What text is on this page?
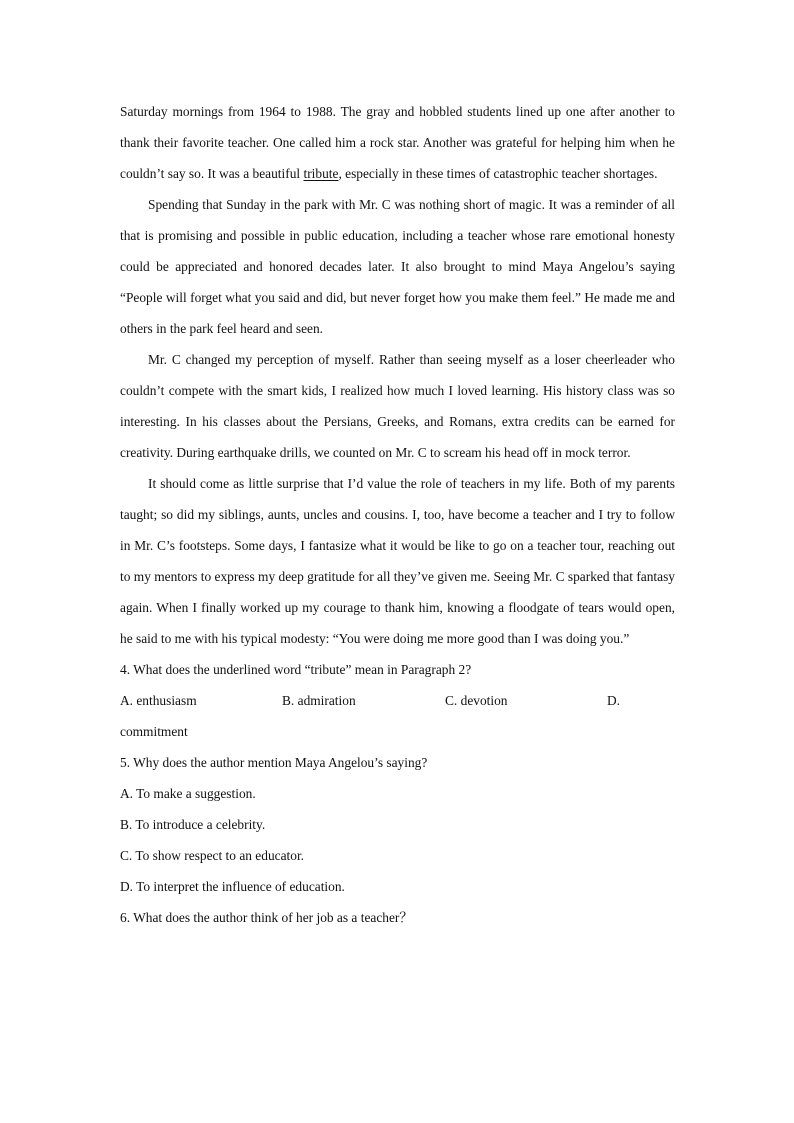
Saturday mornings from 1964 to 1988. The gray and hobbled students lined up one after another to thank their favorite teacher. One called him a rock star. Another was grateful for helping him when he couldn’t say so. It was a beautiful tribute, especially in these times of catastrophic teacher shortages.

Spending that Sunday in the park with Mr. C was nothing short of magic. It was a reminder of all that is promising and possible in public education, including a teacher whose rare emotional honesty could be appreciated and honored decades later. It also brought to mind Maya Angelou’s saying “People will forget what you said and did, but never forget how you make them feel.” He made me and others in the park feel heard and seen.

Mr. C changed my perception of myself. Rather than seeing myself as a loser cheerleader who couldn’t compete with the smart kids, I realized how much I loved learning. His history class was so interesting. In his classes about the Persians, Greeks, and Romans, extra credits can be earned for creativity. During earthquake drills, we counted on Mr. C to scream his head off in mock terror.

It should come as little surprise that I’d value the role of teachers in my life. Both of my parents taught; so did my siblings, aunts, uncles and cousins. I, too, have become a teacher and I try to follow in Mr. C’s footsteps. Some days, I fantasize what it would be like to go on a teacher tour, reaching out to my mentors to express my deep gratitude for all they’ve given me. Seeing Mr. C sparked that fantasy again. When I finally worked up my courage to thank him, knowing a floodgate of tears would open, he said to me with his typical modesty: “You were doing me more good than I was doing you.”

4. What does the underlined word “tribute” mean in Paragraph 2?

A. enthusiasm	B. admiration	C. devotion	D.

commitment

5. Why does the author mention Maya Angelou’s saying?

A. To make a suggestion.

B. To introduce a celebrity.

C. To show respect to an educator.

D. To interpret the influence of education.

6. What does the author think of her job as a teacher？
